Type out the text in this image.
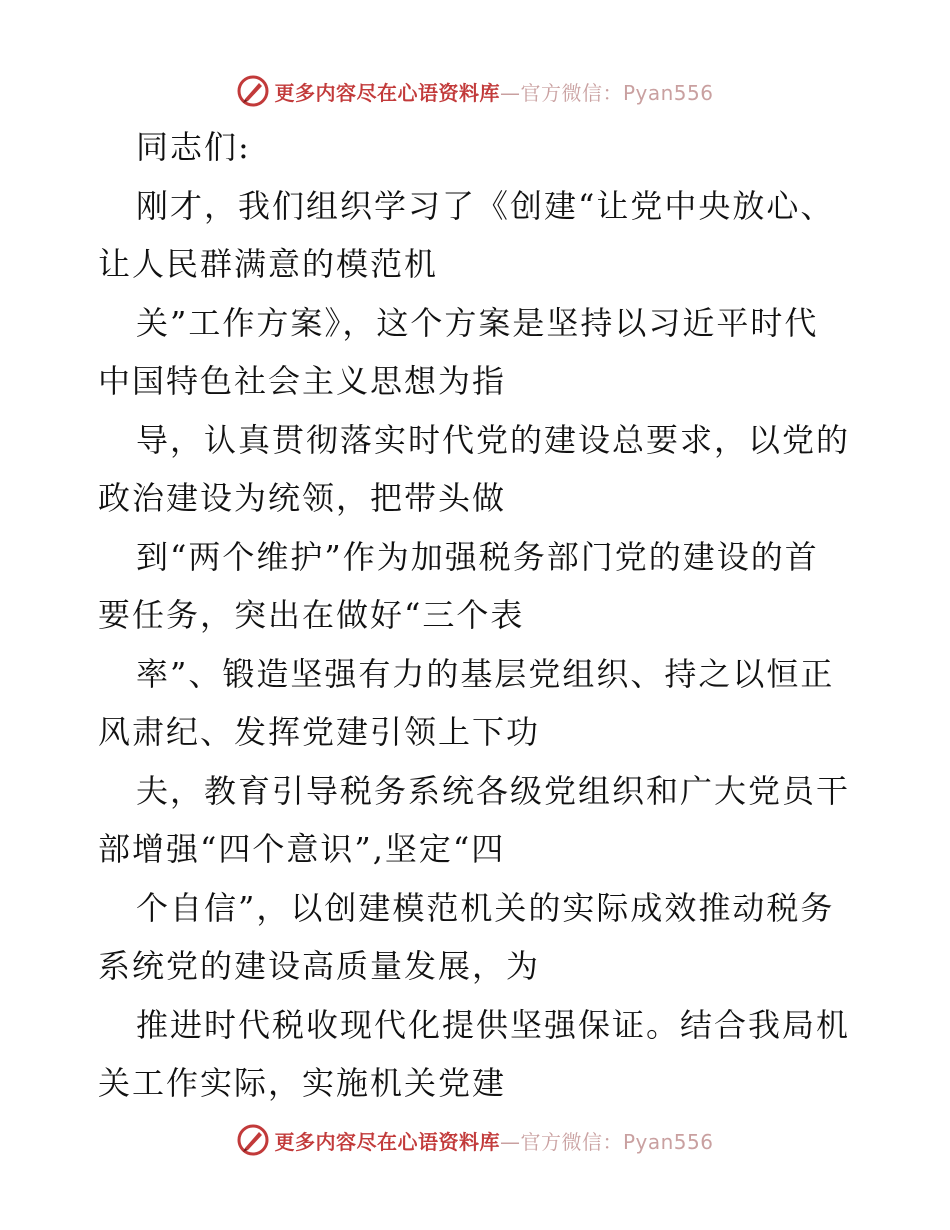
更多内容尽在心语资料库—官方微信：Pyan556
同志们:
刚才，我们组织学习了《创建“让党中央放心、
让人民群满意的模范机
关”工作方案》，这个方案是坚持以习近平时代
中国特色社会主义思想为指
导，认真贯彻落实时代党的建设总要求，以党的
政治建设为统领，把带头做
到“两个维护”作为加强税务部门党的建设的首
要任务，突出在做好“三个表
率”、锻造坚强有力的基层党组织、持之以恒正
风肃纪、发挥党建引领上下功
夫，教育引导税务系统各级党组织和广大党员干
部增强“四个意识”,坚定“四
个自信”，以创建模范机关的实际成效推动税务
系统党的建设高质量发展，为
推进时代税收现代化提供坚强保证。结合我局机
关工作实际，实施机关党建
更多内容尽在心语资料库—官方微信：Pyan556
